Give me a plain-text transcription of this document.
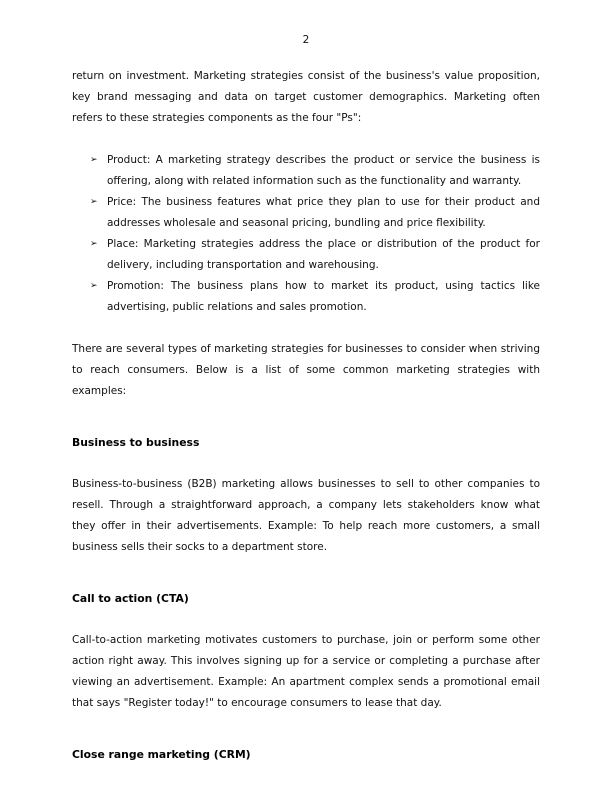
2

return on investment. Marketing strategies consist of the business's value proposition, key brand messaging and data on target customer demographics. Marketing often refers to these strategies components as the four "Ps":

➢ Product: A marketing strategy describes the product or service the business is offering, along with related information such as the functionality and warranty.
➢ Price: The business features what price they plan to use for their product and addresses wholesale and seasonal pricing, bundling and price flexibility.
➢ Place: Marketing strategies address the place or distribution of the product for delivery, including transportation and warehousing.
➢ Promotion: The business plans how to market its product, using tactics like advertising, public relations and sales promotion.

There are several types of marketing strategies for businesses to consider when striving to reach consumers. Below is a list of some common marketing strategies with examples:

Business to business

Business-to-business (B2B) marketing allows businesses to sell to other companies to resell. Through a straightforward approach, a company lets stakeholders know what they offer in their advertisements. Example: To help reach more customers, a small business sells their socks to a department store.

Call to action (CTA)

Call-to-action marketing motivates customers to purchase, join or perform some other action right away. This involves signing up for a service or completing a purchase after viewing an advertisement. Example: An apartment complex sends a promotional email that says "Register today!" to encourage consumers to lease that day.

Close range marketing (CRM)
